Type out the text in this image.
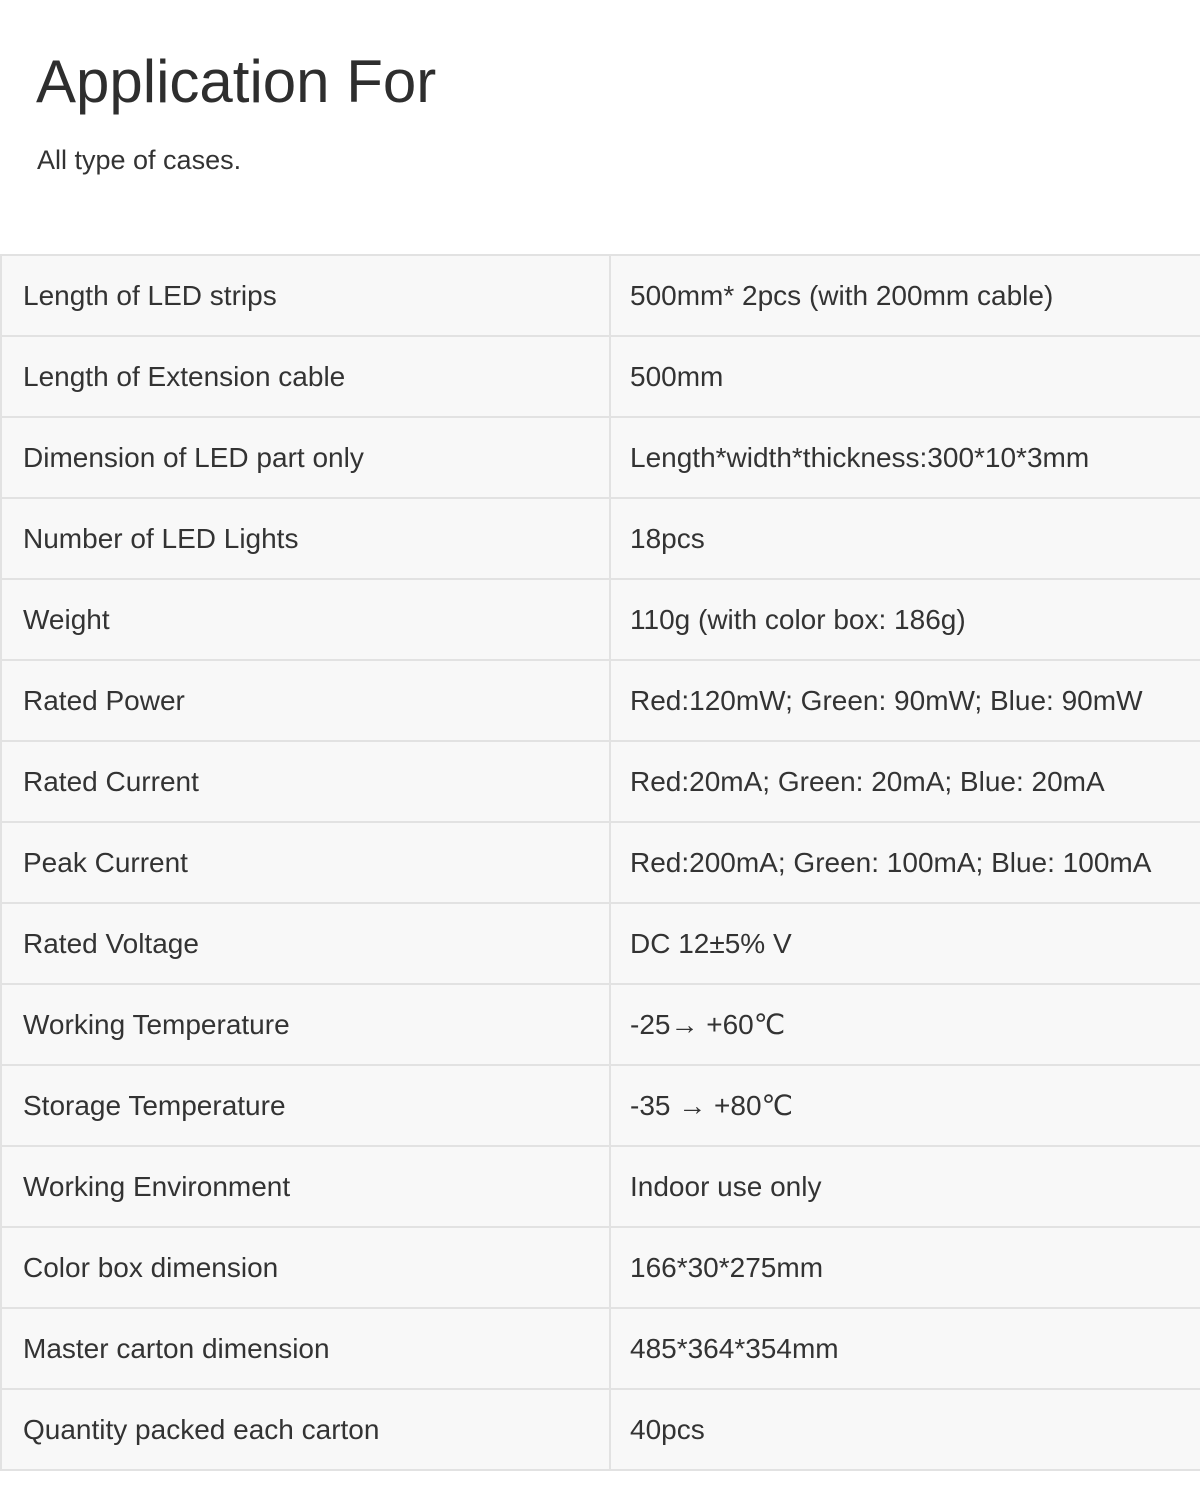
Application For

All type of cases.

Length of LED strips	500mm* 2pcs (with 200mm cable)
Length of Extension cable	500mm
Dimension of LED part only	Length*width*thickness:300*10*3mm
Number of LED Lights	18pcs
Weight	110g (with color box: 186g)
Rated Power	Red:120mW; Green: 90mW; Blue: 90mW
Rated Current	Red:20mA; Green: 20mA; Blue: 20mA
Peak Current	Red:200mA; Green: 100mA; Blue: 100mA
Rated Voltage	DC 12±5% V
Working Temperature	-25→ +60℃
Storage Temperature	-35 → +80℃
Working Environment	Indoor use only
Color box dimension	166*30*275mm
Master carton dimension	485*364*354mm
Quantity packed each carton	40pcs
